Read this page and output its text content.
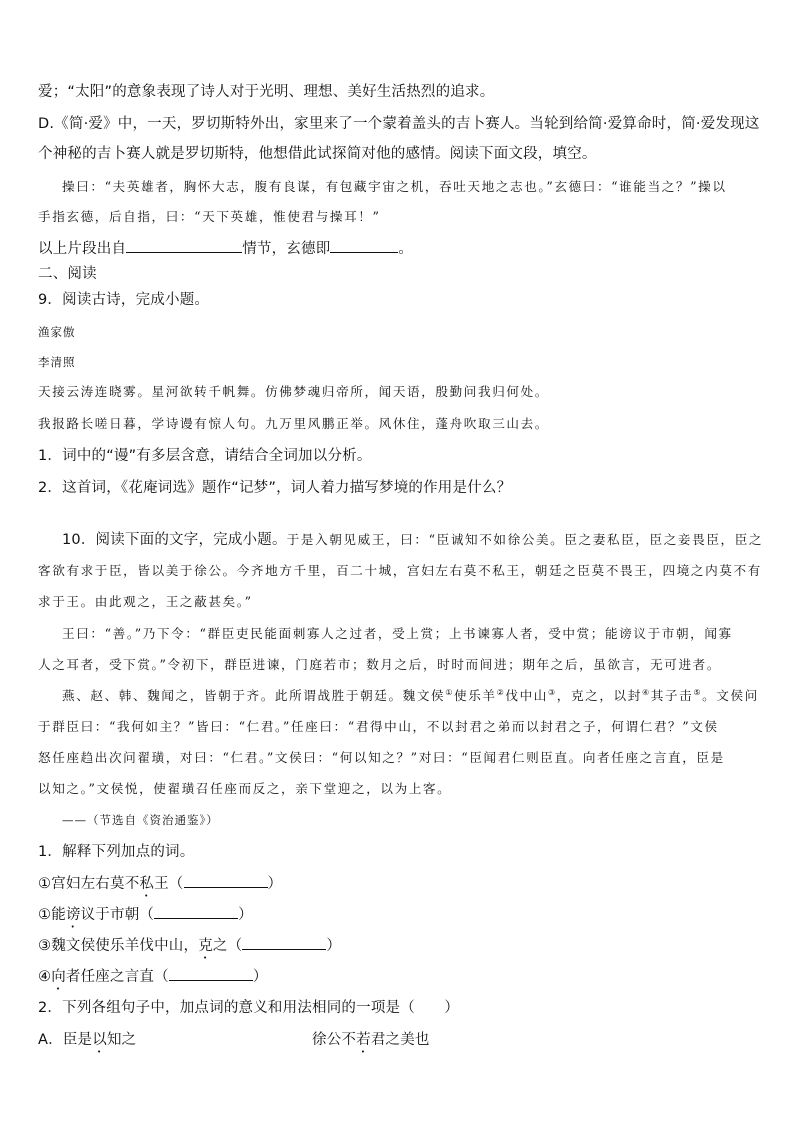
爱；“太阳”的意象表现了诗人对于光明、理想、美好生活热烈的追求。
D.《简·爱》中，一天，罗切斯特外出，家里来了一个蒙着盖头的吉卜赛人。当轮到给简·爱算命时，简·爱发现这
个神秘的吉卜赛人就是罗切斯特，他想借此试探简对他的感情。阅读下面文段，填空。
操曰：“夫英雄者，胸怀大志，腹有良谋，有包藏宇宙之机，吞吐天地之志也。”玄德曰：“谁能当之？”操以
手指玄德，后自指，曰：“天下英雄，惟使君与操耳！”
以上片段出自	情节，玄德即	。
二、阅读
9．阅读古诗，完成小题。
渔家傲
李清照
天接云涛连晓雾。星河欲转千帆舞。仿佛梦魂归帝所，闻天语，殷勤问我归何处。
我报路长嗟日暮，学诗谩有惊人句。九万里风鹏正举。风休住，蓬舟吹取三山去。
1．词中的“谩”有多层含意，请结合全词加以分析。
2．这首词，《花庵词选》题作“记梦”，词人着力描写梦境的作用是什么？
10．阅读下面的文字，完成小题。于是入朝见威王，曰：“臣诚知不如徐公美。臣之妻私臣，臣之妾畏臣，臣之
客欲有求于臣，皆以美于徐公。今齐地方千里，百二十城，宫妇左右莫不私王，朝廷之臣莫不畏王，四境之内莫不有
求于王。由此观之，王之蔽甚矣。”
王曰：“善。”乃下令：“群臣吏民能面刺寡人之过者，受上赏；上书谏寡人者，受中赏；能谤议于市朝，闻寡
人之耳者，受下赏。”令初下，群臣进谏，门庭若市；数月之后，时时而间进；期年之后，虽欲言，无可进者。
燕、赵、韩、魏闻之，皆朝于齐。此所谓战胜于朝廷。魏文侯①使乐羊②伐中山③，克之，以封④其子击⑤。文侯问
于群臣曰：“我何如主？”皆曰：“仁君。”任座曰：“君得中山，不以封君之弟而以封君之子，何谓仁君？”文侯
怒任座趋出次问翟璜，对曰：“仁君。”文侯曰：“何以知之？”对曰：“臣闻君仁则臣直。向者任座之言直，臣是
以知之。”文侯悦，使翟璜召任座而反之，亲下堂迎之，以为上客。
——（节选自《资治通鉴》）
1．解释下列加点的词。
①宫妇左右莫不私王（	）
①能谤议于市朝（	）
③魏文侯使乐羊伐中山，克之（	）
④向者任座之言直（	）
2．下列各组句子中，加点词的意义和用法相同的一项是（　　）
A．臣是以知之	徐公不若君之美也
